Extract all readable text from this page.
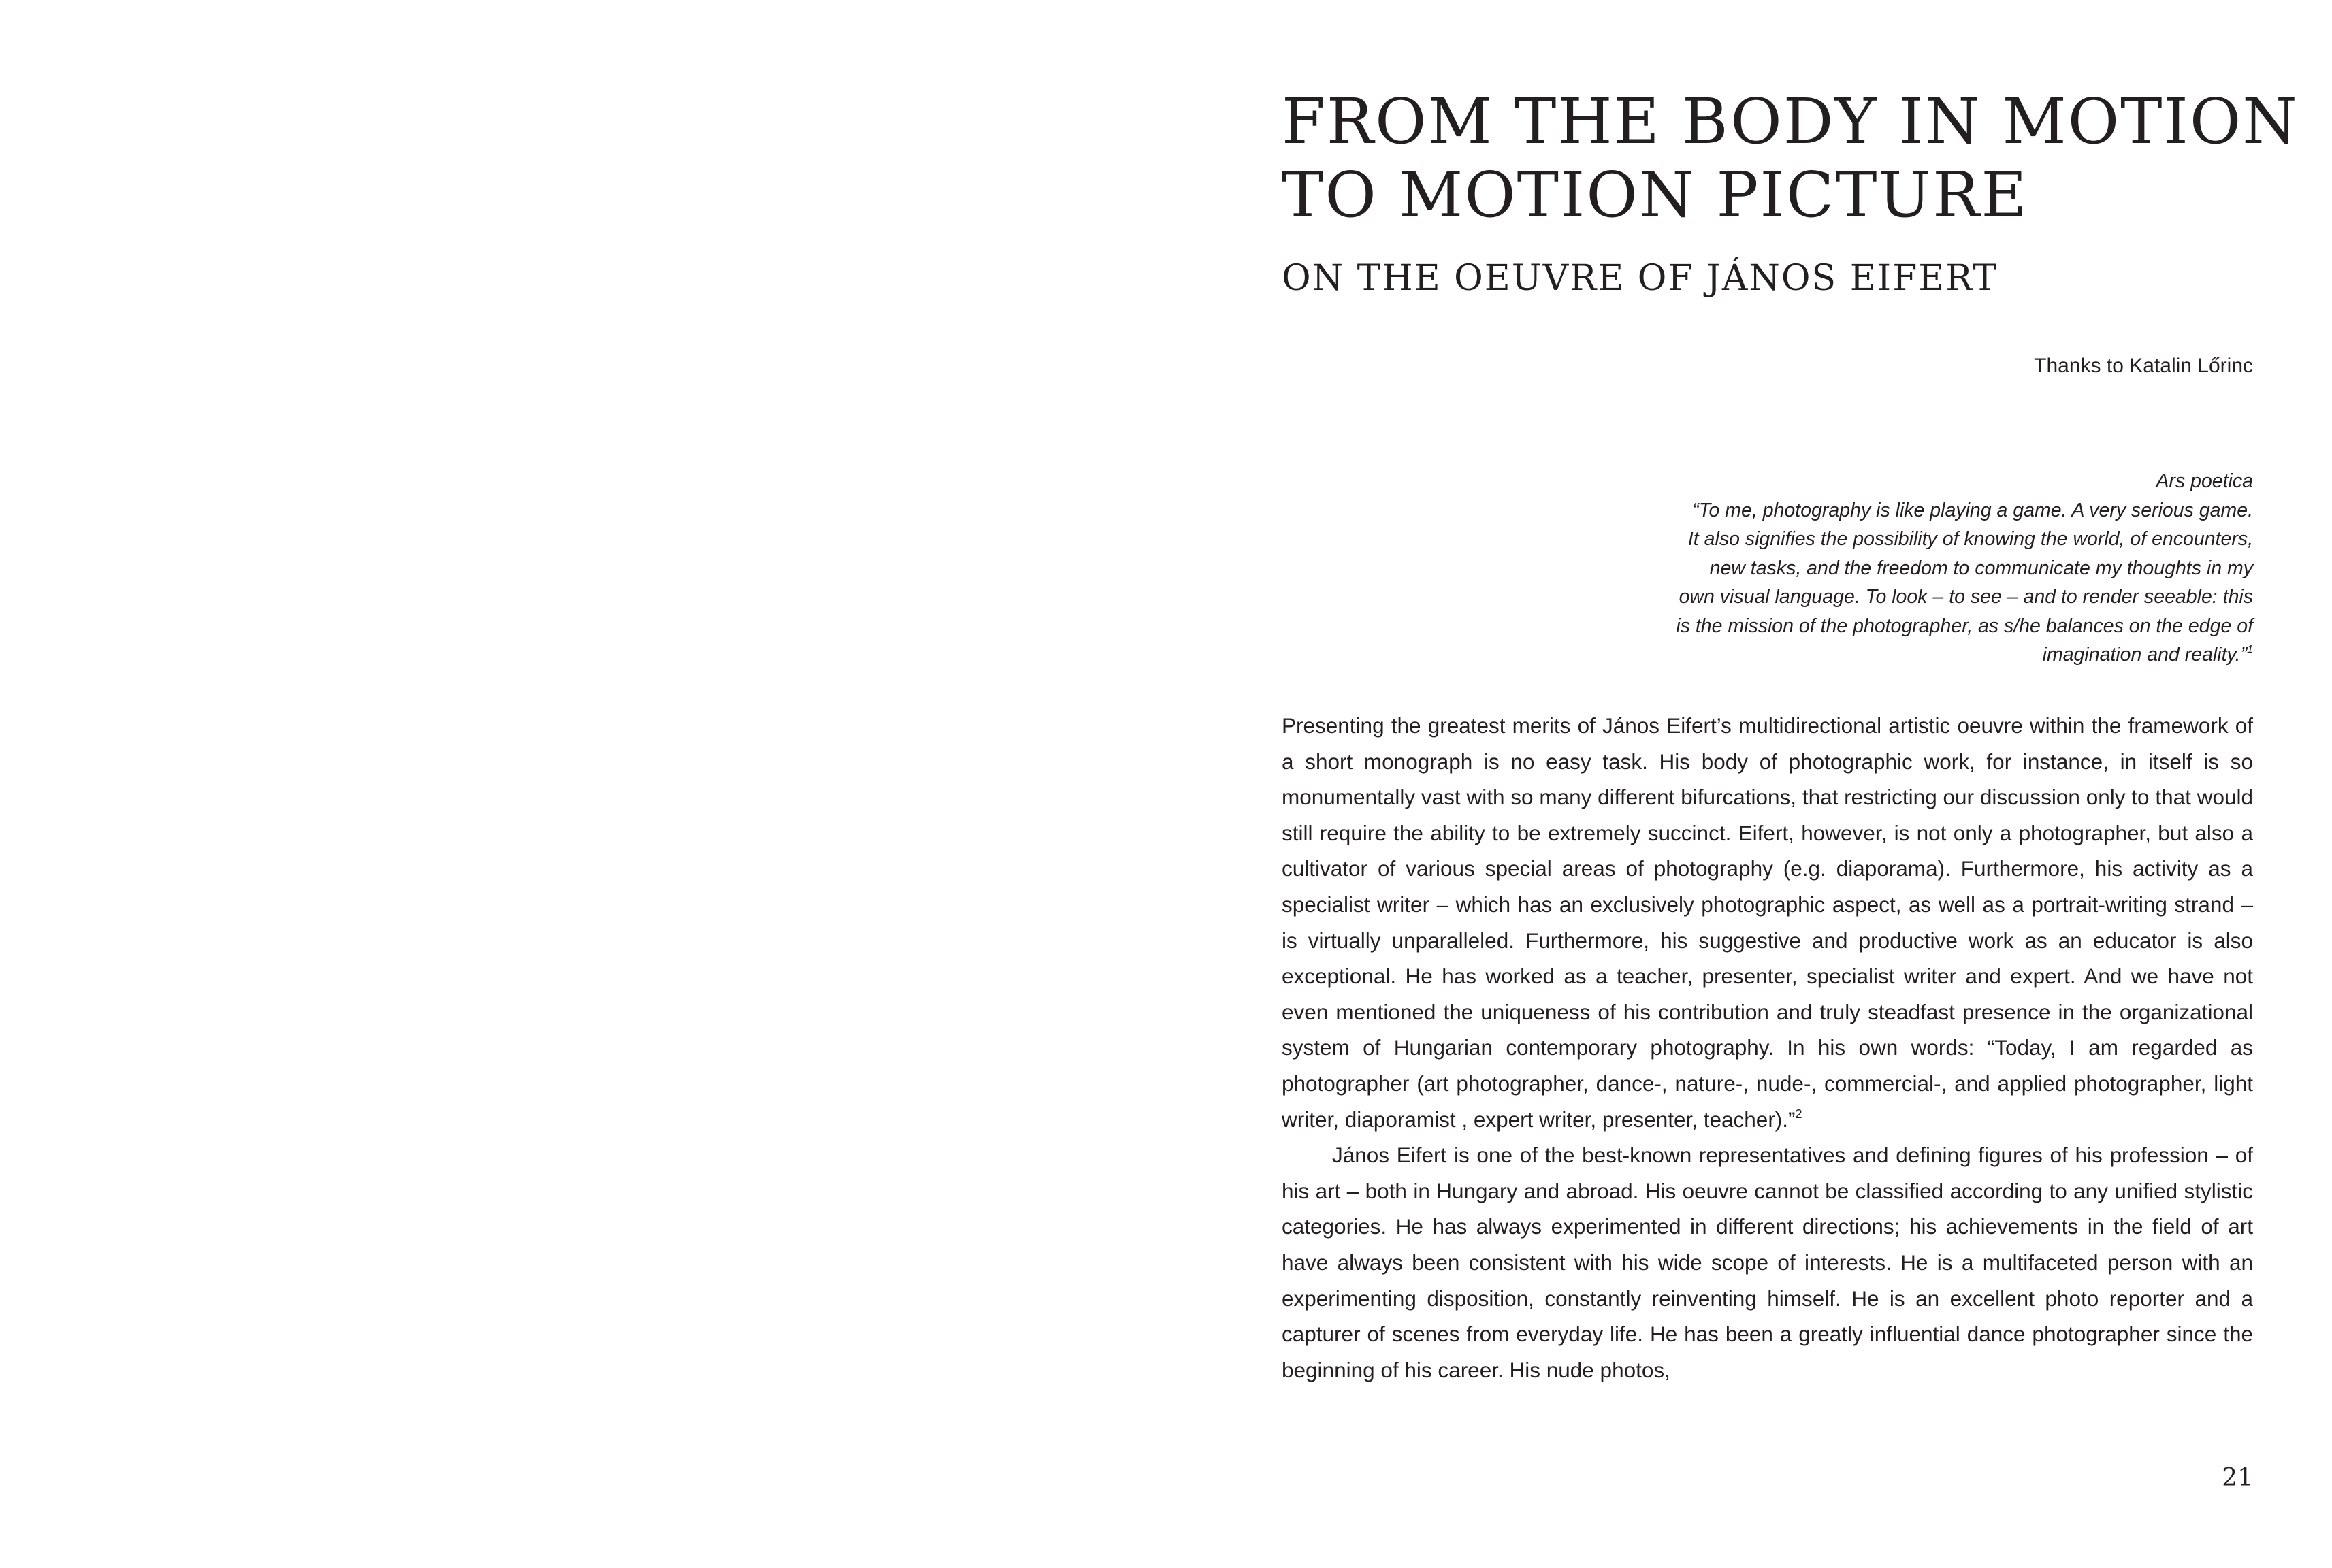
FROM THE BODY IN MOTION
TO MOTION PICTURE
ON THE OEUVRE OF JÁNOS EIFERT
Thanks to Katalin Lőrinc
Ars poetica
“To me, photography is like playing a game. A very serious game.
It also signifies the possibility of knowing the world, of encounters,
new tasks, and the freedom to communicate my thoughts in my
own visual language. To look – to see – and to render seeable: this
is the mission of the photographer, as s/he balances on the edge of
imagination and reality.”$^1$

Presenting the greatest merits of János Eifert’s multidirectional artistic oeuvre within the framework of a short monograph is no easy task. His body of photographic work, for instance, in itself is so monumentally vast with so many different bifurcations, that restricting our discussion only to that would still require the ability to be extremely succinct. Eifert, however, is not only a photographer, but also a cultivator of various special areas of photography (e.g. diaporama). Furthermore, his activity as a specialist writer – which has an exclusively photographic aspect, as well as a portrait-writing strand – is virtually unparalleled. Furthermore, his suggestive and productive work as an educator is also exceptional. He has worked as a teacher, presenter, specialist writer and expert. And we have not even mentioned the uniqueness of his contribution and truly steadfast presence in the organizational system of Hungarian contemporary photography. In his own words: “Today, I am regarded as photographer (art photographer, dance-, nature-, nude-, commercial-, and applied photographer, light writer, diaporamist , expert writer, presenter, teacher).”$^2$

János Eifert is one of the best-known representatives and defining figures of his profession – of his art – both in Hungary and abroad. His oeuvre cannot be classified according to any unified stylistic categories. He has always experimented in different directions; his achievements in the field of art have always been consistent with his wide scope of interests. He is a multifaceted person with an experimenting disposition, constantly reinventing himself. He is an excellent photo reporter and a capturer of scenes from everyday life. He has been a greatly influential dance photographer since the beginning of his career. His nude photos,

21
